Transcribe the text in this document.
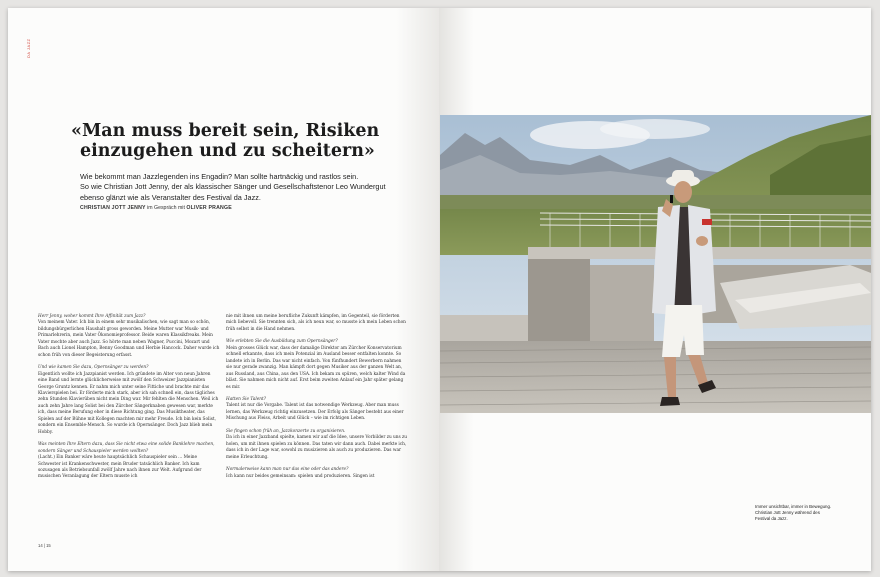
DA JAZZ
«Man muss bereit sein, Risiken
einzugehen und zu scheitern»
Wie bekommt man Jazzlegenden ins Engadin? Man sollte hartnäckig und rastlos sein.
So wie Christian Jott Jenny, der als klassischer Sänger und Gesellschaftstenor Leo Wundergut
ebenso glänzt wie als Veranstalter des Festival da Jazz.
CHRISTIAN JOTT JENNY im Gespräch mit OLIVER PRANGE
Herr Jenny, woher kommt Ihre Affinität zum Jazz?
Von meinem Vater. Ich bin in einem sehr musikalischen, wie sagt man so schön, bildungsbürgerlichen Haushalt gross geworden. Meine Mutter war Musik- und Primarlehrerin, mein Vater Ökonomieprofessor. Beide waren Klassikfreaks. Mein Vater mochte aber auch Jazz. So hörte man neben Wagner, Puccini, Mozart und Bach auch Lionel Hampton, Benny Goodman und Herbie Hancock. Daher wurde ich schon früh von dieser Begeisterung erfasst.
Und wie kamen Sie dazu, Opernsänger zu werden?
Eigentlich wollte ich Jazzpianist werden. Ich gründete im Alter von neun Jahren eine Band und lernte glücklicherweise mit zwölf den Schweizer Jazzpianisten George Gruntz kennen. Er nahm mich unter seine Fittiche und brachte mir das Klavierspielen bei. Er förderte mich stark, aber ich sah schnell ein, dass tägliches zehn Stunden Klavierüben nicht mein Ding war. Mir fehlten die Menschen. Weil ich auch zehn Jahre lang Solist bei den Zürcher Sängerknaben gewesen war, merkte ich, dass meine Berufung eher in diese Richtung ging. Das Musiktheater, das Spielen auf der Bühne mit Kollegen machten mir mehr Freude. Ich bin kein Solist, sondern ein Ensemble-Mensch. So wurde ich Opernsänger. Doch Jazz blieb mein Hobby.
Was meinten Ihre Eltern dazu, dass Sie nicht etwa eine solide Banklehre machen, sondern Sänger und Schauspieler werden wollten?
(Lacht.) Ein Banker wäre heute hauptsächlich Schauspieler sein ... Meine Schwester ist Krankenschwester, mein Bruder tatsächlich Banker. Ich kam sozusagen als Betriebsunfall zwölf Jahre nach ihnen zur Welt. Aufgrund der musischen Veranlagung der Eltern musste ich
nie mit ihnen um meine berufliche Zukunft kämpfen, im Gegenteil, sie förderten mich liebevoll. Sie trennten sich, als ich neun war, so musste ich mein Leben schon früh selbst in die Hand nehmen.
Wie erlebten Sie die Ausbildung zum Opernsänger?
Mein grosses Glück war, dass der damalige Direktor am Zürcher Konservatorium schnell erkannte, dass ich mein Potenzial im Ausland besser entfalten konnte. So landete ich in Berlin. Das war nicht einfach. Von fünfhundert Bewerbern nahmen sie nur gerade zwanzig. Man kämpft dort gegen Musiker aus der ganzen Welt an, aus Russland, aus China, aus den USA. Ich bekam zu spüren, welch kalter Wind da bläst. Sie nahmen mich nicht auf. Erst beim zweiten Anlauf ein Jahr später gelang es mir.
Hatten Sie Talent?
Talent ist nur die Vorgabe. Talent ist das notwendige Werkzeug. Aber man muss lernen, das Werkzeug richtig einzusetzen. Der Erfolg als Sänger besteht aus einer Mischung aus Fleiss, Arbeit und Glück – wie im richtigen Leben.
Sie fingen schon früh an, Jazzkonzerte zu organisieren.
Da ich in einer Jazzband spielte, kamen wir auf die Idee, unsere Vorbilder zu uns zu holen, um mit ihnen spielen zu können. Das taten wir dann auch. Dabei merkte ich, dass ich in der Lage war, sowohl zu musizieren als auch zu produzieren. Das war meine Erleuchtung.
Normalerweise kann man nur das eine oder das andere?
Ich kann nur beides gemeinsam: spielen und produzieren. Singen ist
14 | 15
Immer unsichtbar, immer in Bewegung.
Christian Jott Jenny während des
Festival da Jazz.
